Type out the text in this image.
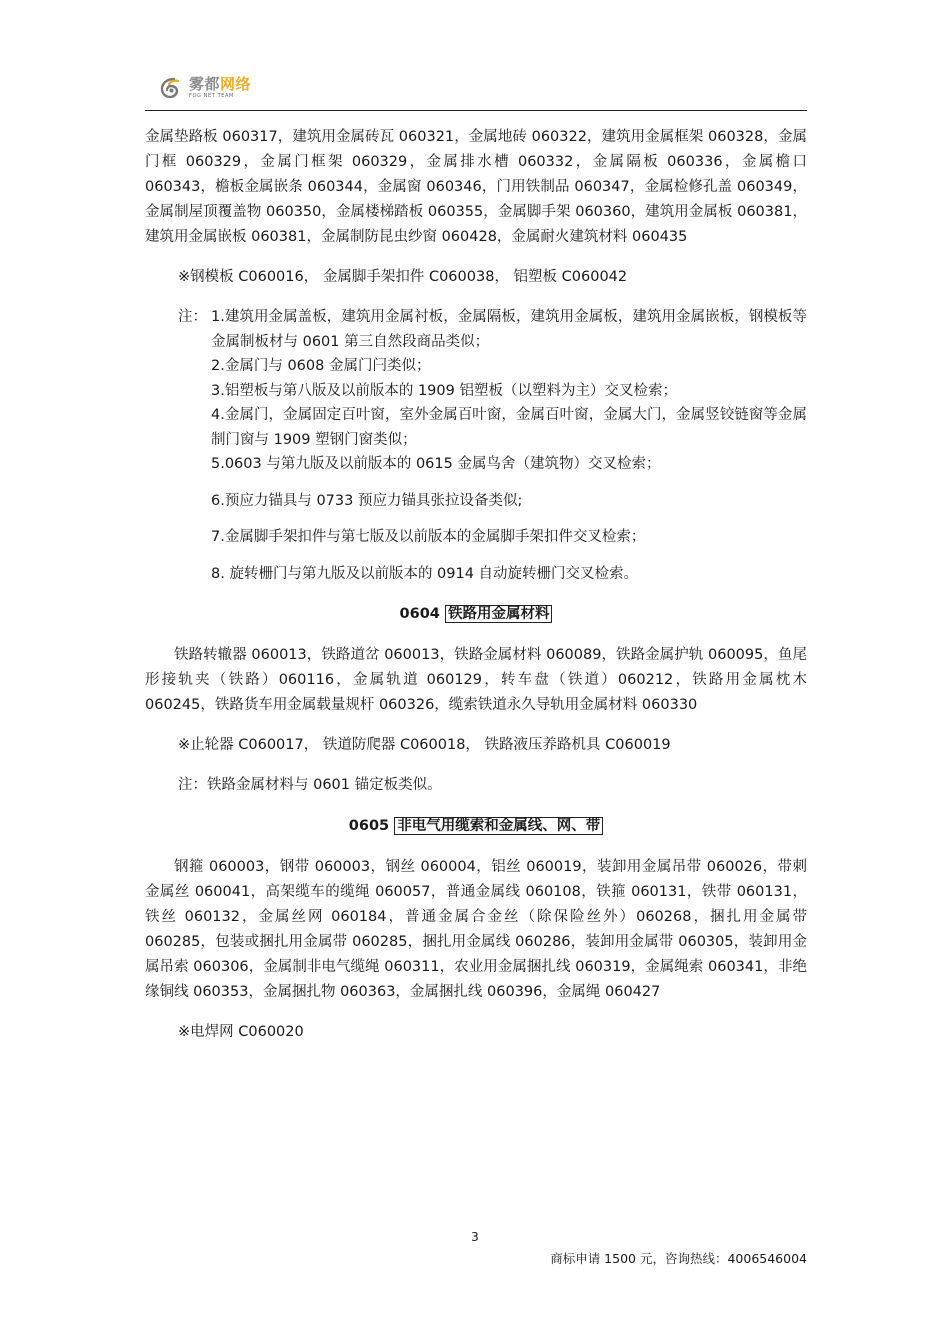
雾都网络
FOG NET TEAM

金属垫路板 060317，建筑用金属砖瓦 060321，金属地砖 060322，建筑用金属框架 060328，金属门框 060329，金属门框架 060329，金属排水槽 060332，金属隔板 060336，金属檐口 060343，檐板金属嵌条 060344，金属窗 060346，门用铁制品 060347，金属检修孔盖 060349，金属制屋顶覆盖物 060350，金属楼梯踏板 060355，金属脚手架 060360，建筑用金属板 060381，建筑用金属嵌板 060381，金属制防昆虫纱窗 060428，金属耐火建筑材料 060435

※钢模板 C060016， 金属脚手架扣件 C060038， 铝塑板 C060042

注： 1.建筑用金属盖板，建筑用金属衬板，金属隔板，建筑用金属板，建筑用金属嵌板，钢模板等金属制板材与 0601 第三自然段商品类似；

2.金属门与 0608 金属门闩类似；

3.铝塑板与第八版及以前版本的 1909 铝塑板（以塑料为主）交叉检索；

4.金属门，金属固定百叶窗，室外金属百叶窗，金属百叶窗，金属大门，金属竖铰链窗等金属制门窗与 1909 塑钢门窗类似；

5.0603 与第九版及以前版本的 0615 金属鸟舍（建筑物）交叉检索；

6.预应力锚具与 0733 预应力锚具张拉设备类似;

7.金属脚手架扣件与第七版及以前版本的金属脚手架扣件交叉检索；

8. 旋转栅门与第九版及以前版本的 0914 自动旋转栅门交叉检索。

0604 铁路用金属材料

铁路转辙器 060013，铁路道岔 060013，铁路金属材料 060089，铁路金属护轨 060095，鱼尾形接轨夹（铁路）060116，金属轨道 060129，转车盘（铁道）060212，铁路用金属枕木 060245，铁路货车用金属载量规杆 060326，缆索铁道永久导轨用金属材料 060330

※止轮器 C060017， 铁道防爬器 C060018， 铁路液压养路机具 C060019

注：铁路金属材料与 0601 锚定板类似。

0605 非电气用缆索和金属线、网、带

钢箍 060003，钢带 060003，钢丝 060004，铝丝 060019，装卸用金属吊带 060026，带刺金属丝 060041，高架缆车的缆绳 060057，普通金属线 060108，铁箍 060131，铁带 060131，铁丝 060132，金属丝网 060184，普通金属合金丝（除保险丝外）060268，捆扎用金属带 060285，包装或捆扎用金属带 060285，捆扎用金属线 060286，装卸用金属带 060305，装卸用金属吊索 060306，金属制非电气缆绳 060311，农业用金属捆扎线 060319，金属绳索 060341，非绝缘铜线 060353，金属捆扎物 060363，金属捆扎线 060396，金属绳 060427

※电焊网 C060020

3
商标申请 1500 元，咨询热线：4006546004
